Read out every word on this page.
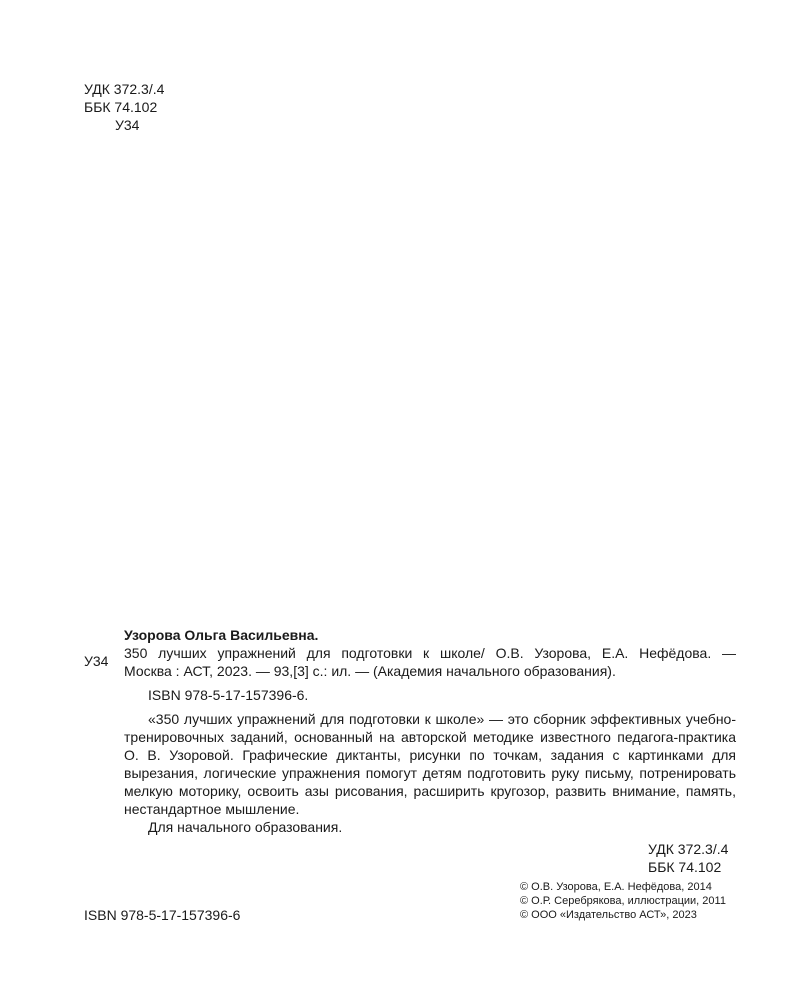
УДК 372.3/.4
ББК 74.102
У34
Узорова Ольга Васильевна.
У34	350 лучших упражнений для подготовки к школе/ О.В. Узорова, Е.А. Нефёдова. —
Москва : АСТ, 2023. — 93,[3] с.: ил. — (Академия начального образования).
ISBN 978-5-17-157396-6.
«350 лучших упражнений для подготовки к школе» — это сборник эффективных учебно-тренировочных заданий, основанный на авторской методике известного педагога-практика О. В. Узоровой. Графические диктанты, рисунки по точкам, задания с картинками для вырезания, логические упражнения помогут детям подготовить руку письму, потренировать мелкую моторику, освоить азы рисования, расширить кругозор, развить внимание, память, нестандартное мышление.
Для начального образования.
УДК 372.3/.4
ББК 74.102
© О.В. Узорова, Е.А. Нефёдова, 2014
© О.Р. Серебрякова, иллюстрации, 2011
© ООО «Издательство АСТ», 2023
ISBN 978-5-17-157396-6
